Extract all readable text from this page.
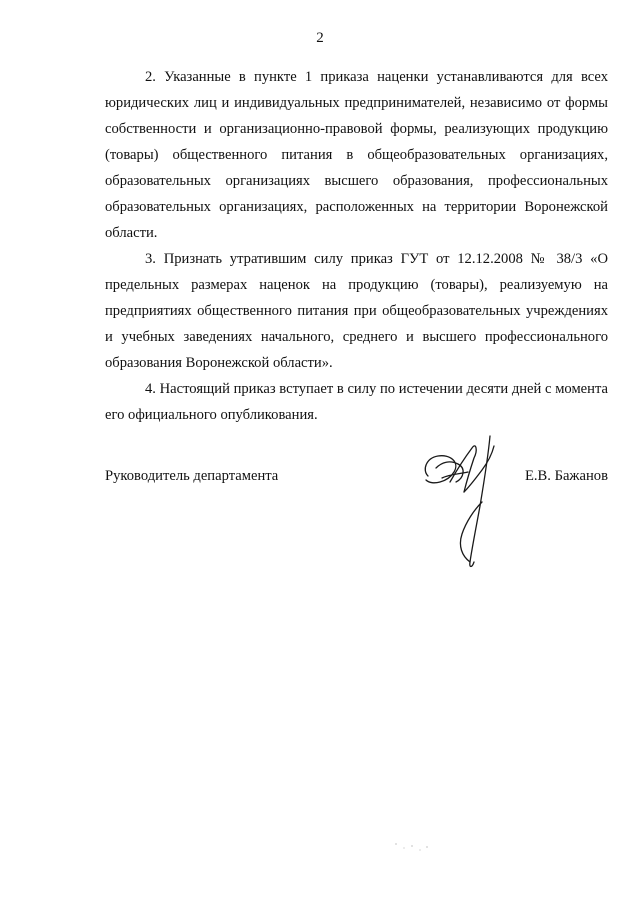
2

2. Указанные в пункте 1 приказа наценки устанавливаются для всех юридических лиц и индивидуальных предпринимателей, независимо от формы собственности и организационно-правовой формы, реализующих продукцию (товары) общественного питания в общеобразовательных организациях, образовательных организациях высшего образования, профессиональных образовательных организациях, расположенных на территории Воронежской области.

3. Признать утратившим силу приказ ГУТ от 12.12.2008 № 38/3 «О предельных размерах наценок на продукцию (товары), реализуемую на предприятиях общественного питания при общеобразовательных учреждениях и учебных заведениях начального, среднего и высшего профессионального образования Воронежской области».

4. Настоящий приказ вступает в силу по истечении десяти дней с момента его официального опубликования.

Руководитель департамента	Е.В. Бажанов
